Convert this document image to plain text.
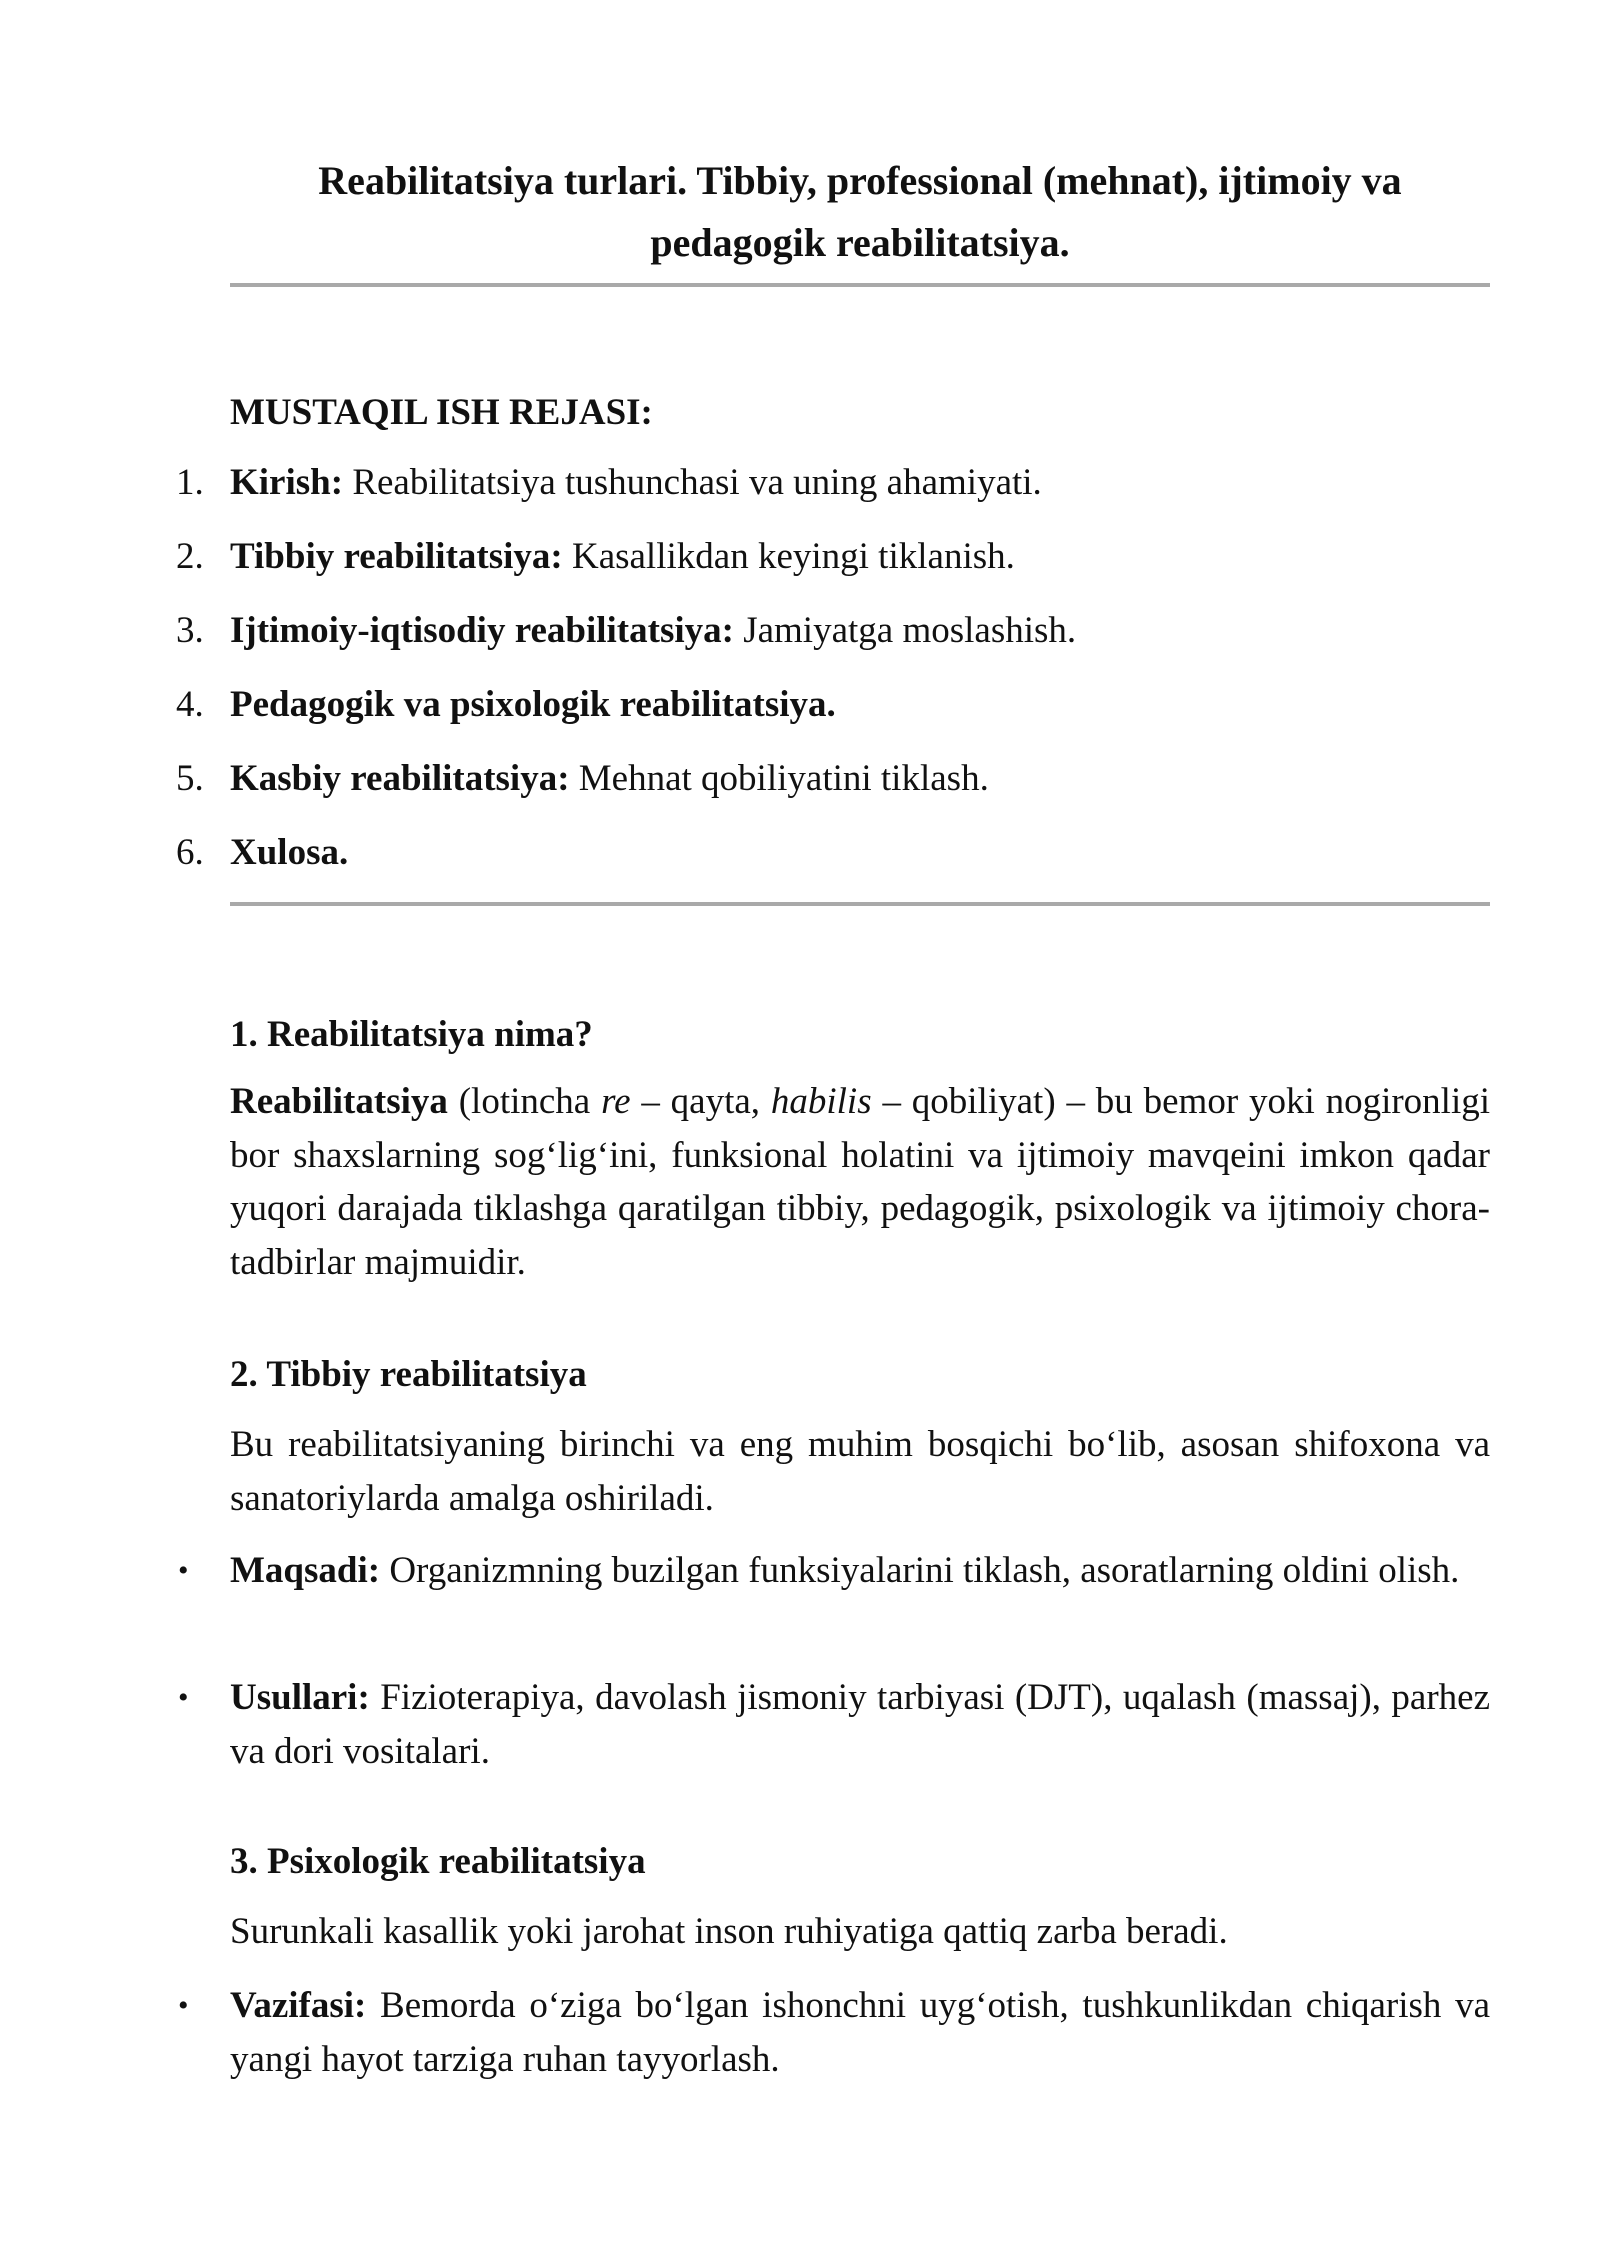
Reabilitatsiya turlari. Tibbiy, professional (mehnat), ijtimoiy va
pedagogik reabilitatsiya.
MUSTAQIL ISH REJASI:
1. Kirish: Reabilitatsiya tushunchasi va uning ahamiyati.
2. Tibbiy reabilitatsiya: Kasallikdan keyingi tiklanish.
3. Ijtimoiy-iqtisodiy reabilitatsiya: Jamiyatga moslashish.
4. Pedagogik va psixologik reabilitatsiya.
5. Kasbiy reabilitatsiya: Mehnat qobiliyatini tiklash.
6. Xulosa.
1. Reabilitatsiya nima?
Reabilitatsiya (lotincha re – qayta, habilis – qobiliyat) – bu bemor yoki nogironligi bor shaxslarning sog‘lig‘ini, funksional holatini va ijtimoiy mavqeini imkon qadar yuqori darajada tiklashga qaratilgan tibbiy, pedagogik, psixologik va ijtimoiy chora-tadbirlar majmuidir.
2. Tibbiy reabilitatsiya
Bu reabilitatsiyaning birinchi va eng muhim bosqichi bo‘lib, asosan shifoxona va sanatoriylarda amalga oshiriladi.
• Maqsadi: Organizmning buzilgan funksiyalarini tiklash, asoratlarning oldini olish.
• Usullari: Fizioterapiya, davolash jismoniy tarbiyasi (DJT), uqalash (massaj), parhez va dori vositalari.
3. Psixologik reabilitatsiya
Surunkali kasallik yoki jarohat inson ruhiyatiga qattiq zarba beradi.
• Vazifasi: Bemorda o‘ziga bo‘lgan ishonchni uyg‘otish, tushkunlikdan chiqarish va yangi hayot tarziga ruhan tayyorlash.
